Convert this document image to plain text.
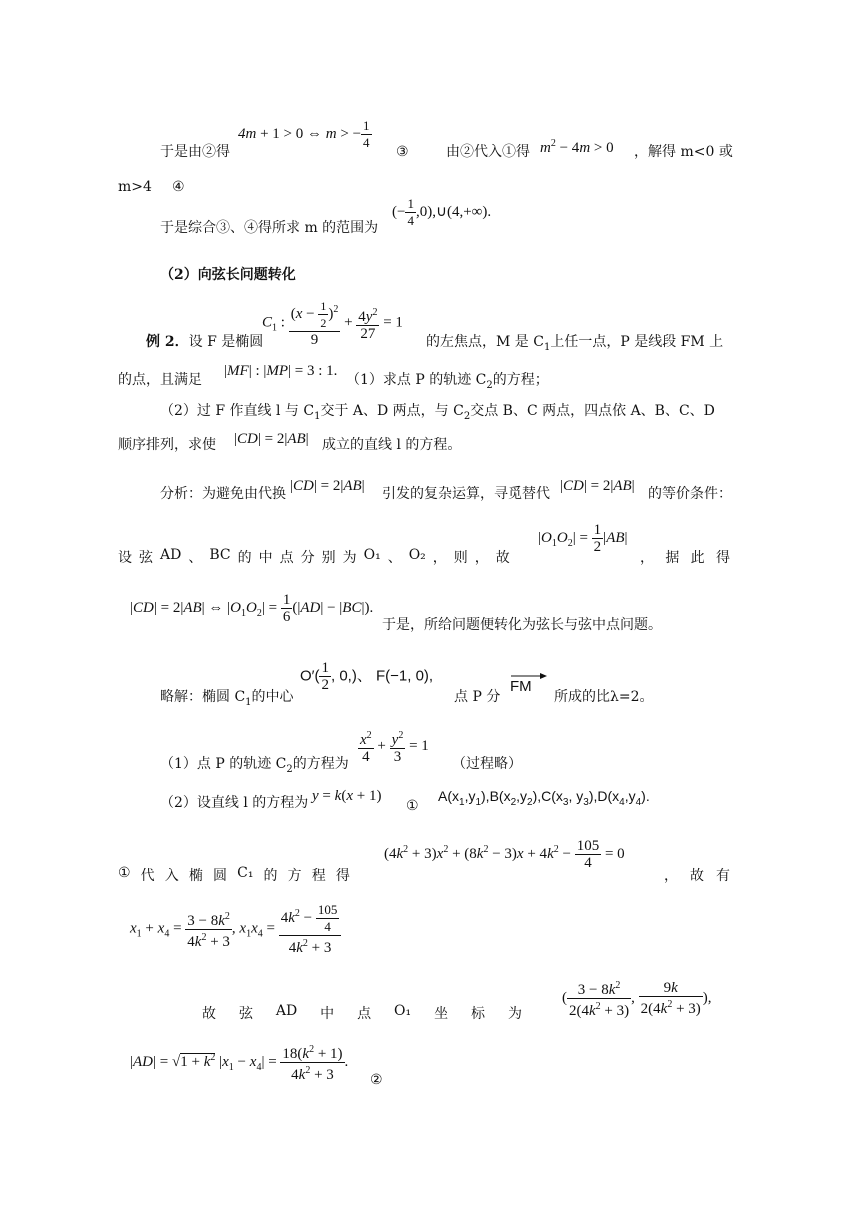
于是由②得
4m + 1 > 0 ⇔ m > − $\frac{1}{4}$
③	由②代入①得 $m^2 - 4m > 0$ ，解得 m<0 或
m>4 ④
于是综合③、④得所求 m 的范围为
(− $\frac{1}{4}$ ,0),∪(4,+∞).
（2）向弦长问题转化
例 2．设 F 是椭圆
$C_1$ : $\frac{(x - \frac{1}{2} )^2}{9} + \frac{4y^2}{27} = 1$
的左焦点，M 是 $C_1$上任一点，P 是线段 FM 上
的点，且满足
|MF| : |MP| = 3 : 1.
（1）求点 P 的轨迹 $C_2$的方程；
（2）过 F 作直线 l 与 $C_1$交于 A、D 两点，与 $C_2$交点 B、C 两点，四点依 A、B、C、D
顺序排列，求使 |CD| = 2|AB| 成立的直线 l 的方程。
分析：为避免由代换 |CD| = 2|AB| 引发的复杂运算，寻觅替代 |CD| = 2|AB| 的等价条件：
设 弦 AD 、 BC 的 中 点 分 别 为 O₁ 、 O₂ ， 则 ， 故
$|O_1O_2| = \frac{1}{2} |AB|$
， 据 此 得
|CD| = 2|AB| ⇔ $|O_1O_2| = \frac{1}{6} (|AD| - |BC|)$.
于是，所给问题便转化为弦长与弦中点问题。
略解：椭圆 $C_1$的中心
$O'( \frac{1}{2}$ , 0,)、 F(−1, 0),
点 P 分
FM
所成的比λ=2。
（1）点 P 的轨迹 $C_2$的方程为 $\frac{x^2}{4} + \frac{y^2}{3} = 1$
（过程略）
（2）设直线 l 的方程为 y = k(x + 1)
①
$A(x_1,y_1),B(x_2,y_2),C(x_3$, $y_3),D(x_4,y_4)$.
① 代 入 椭 圆 C₁ 的 方 程 得
$(4k^2 + 3)x^2 + (8k^2 - 3)x + 4k^2 - \frac{105}{4} = 0$
， 故 有
$x_1 + x_4 = \frac{3 - 8k^2}{4k^2 + 3}$ , $x_1x_4 = \frac{4k^2 - \frac{105}{4}}{4k^2 + 3}$
故 弦 AD 中 点 O₁ 坐 标 为
( $\frac{3 - 8k^2}{2(4k^2 + 3)}$ , $\frac{9k}{2(4k^2 + 3)}$ ),
$|AD| = √1 + k^2$ $|x_1 - x_4| = \frac{18(k^2 + 1)}{4k^2 + 3}$ .
②
